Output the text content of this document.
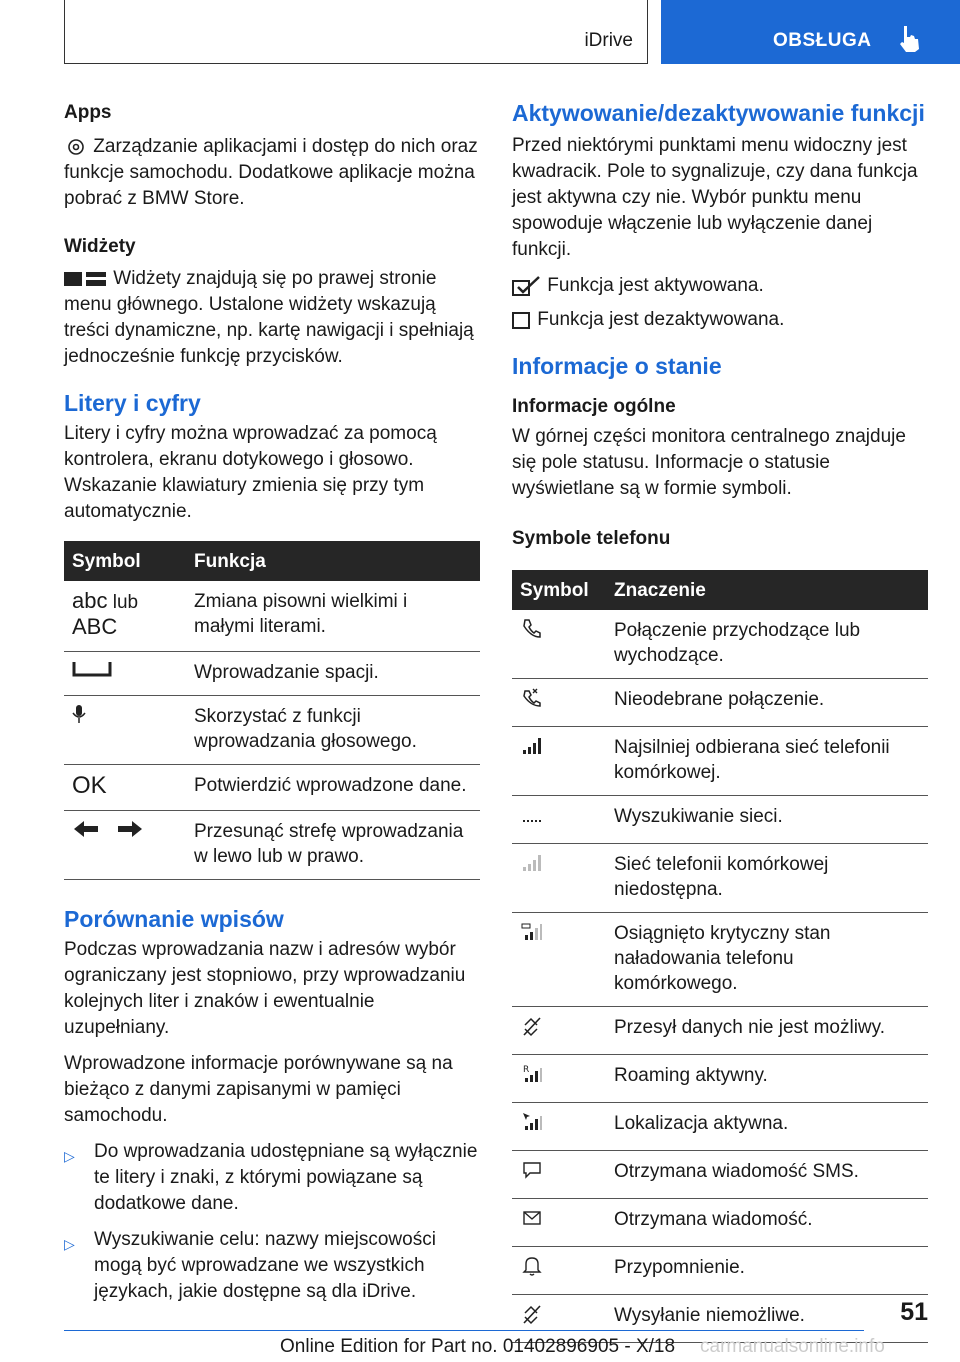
iDrive	OBSŁUGA
Apps

Zarządzanie aplikacjami i dostęp do nich oraz funkcje samochodu. Dodatkowe aplikacje można pobrać z BMW Store.

Widżety

Widżety znajdują się po prawej stronie menu głównego. Ustalone widżety wskazują treści dynamiczne, np. kartę nawigacji i spełniają jednocześnie funkcję przycisków.

Litery i cyfry

Litery i cyfry można wprowadzać za pomocą kontrolera, ekranu dotykowego i głosowo. Wskazanie klawiatury zmienia się przy tym automatycznie.

Symbol	Funkcja

abc lub
ABC	Zmiana pisowni wielkimi i małymi literami.
	Wprowadzanie spacji.
	Skorzystać z funkcji wprowadzania głosowego.
OK	Potwierdzić wprowadzone dane.
	Przesunąć strefę wprowadzania w lewo lub w prawo.
Porównanie wpisów

Podczas wprowadzania nazw i adresów wybór ograniczany jest stopniowo, przy wprowadzaniu kolejnych liter i znaków i ewentualnie uzupełniany.

Wprowadzone informacje porównywane są na bieżąco z danymi zapisanymi w pamięci samochodu.

▷ Do wprowadzania udostępniane są wyłącznie te litery i znaki, z którymi powiązane są dodatkowe dane.

▷ Wyszukiwanie celu: nazwy miejscowości mogą być wprowadzane we wszystkich językach, jakie dostępne są dla iDrive.

Aktywowanie/dezaktywowanie funkcji

Przed niektórymi punktami menu widoczny jest kwadracik. Pole to sygnalizuje, czy dana funkcja jest aktywna czy nie. Wybór punktu menu spowoduje włączenie lub wyłączenie danej funkcji.

Funkcja jest aktywowana.

Funkcja jest dezaktywowana.

Informacje o stanie
Informacje ogólne

W górnej części monitora centralnego znajduje się pole statusu. Informacje o statusie wyświetlane są w formie symboli.

Symbole telefonu
Symbol	Znaczenie
	Połączenie przychodzące lub wychodzące.
	Nieodebrane połączenie.
	Najsilniej odbierana sieć telefonii komórkowej.
	Wyszukiwanie sieci.
	Sieć telefonii komórkowej niedostępna.
	Osiągnięto krytyczny stan naładowania telefonu komórkowego.
	Przesył danych nie jest możliwy.

R	Roaming aktywny.
	Lokalizacja aktywna.
	Otrzymana wiadomość SMS.
	Otrzymana wiadomość.
	Przypomnienie.
	Wysyłanie niemożliwe.	51
Online Edition for Part no. 01402896905 - X/18 carmanualsonline.info
